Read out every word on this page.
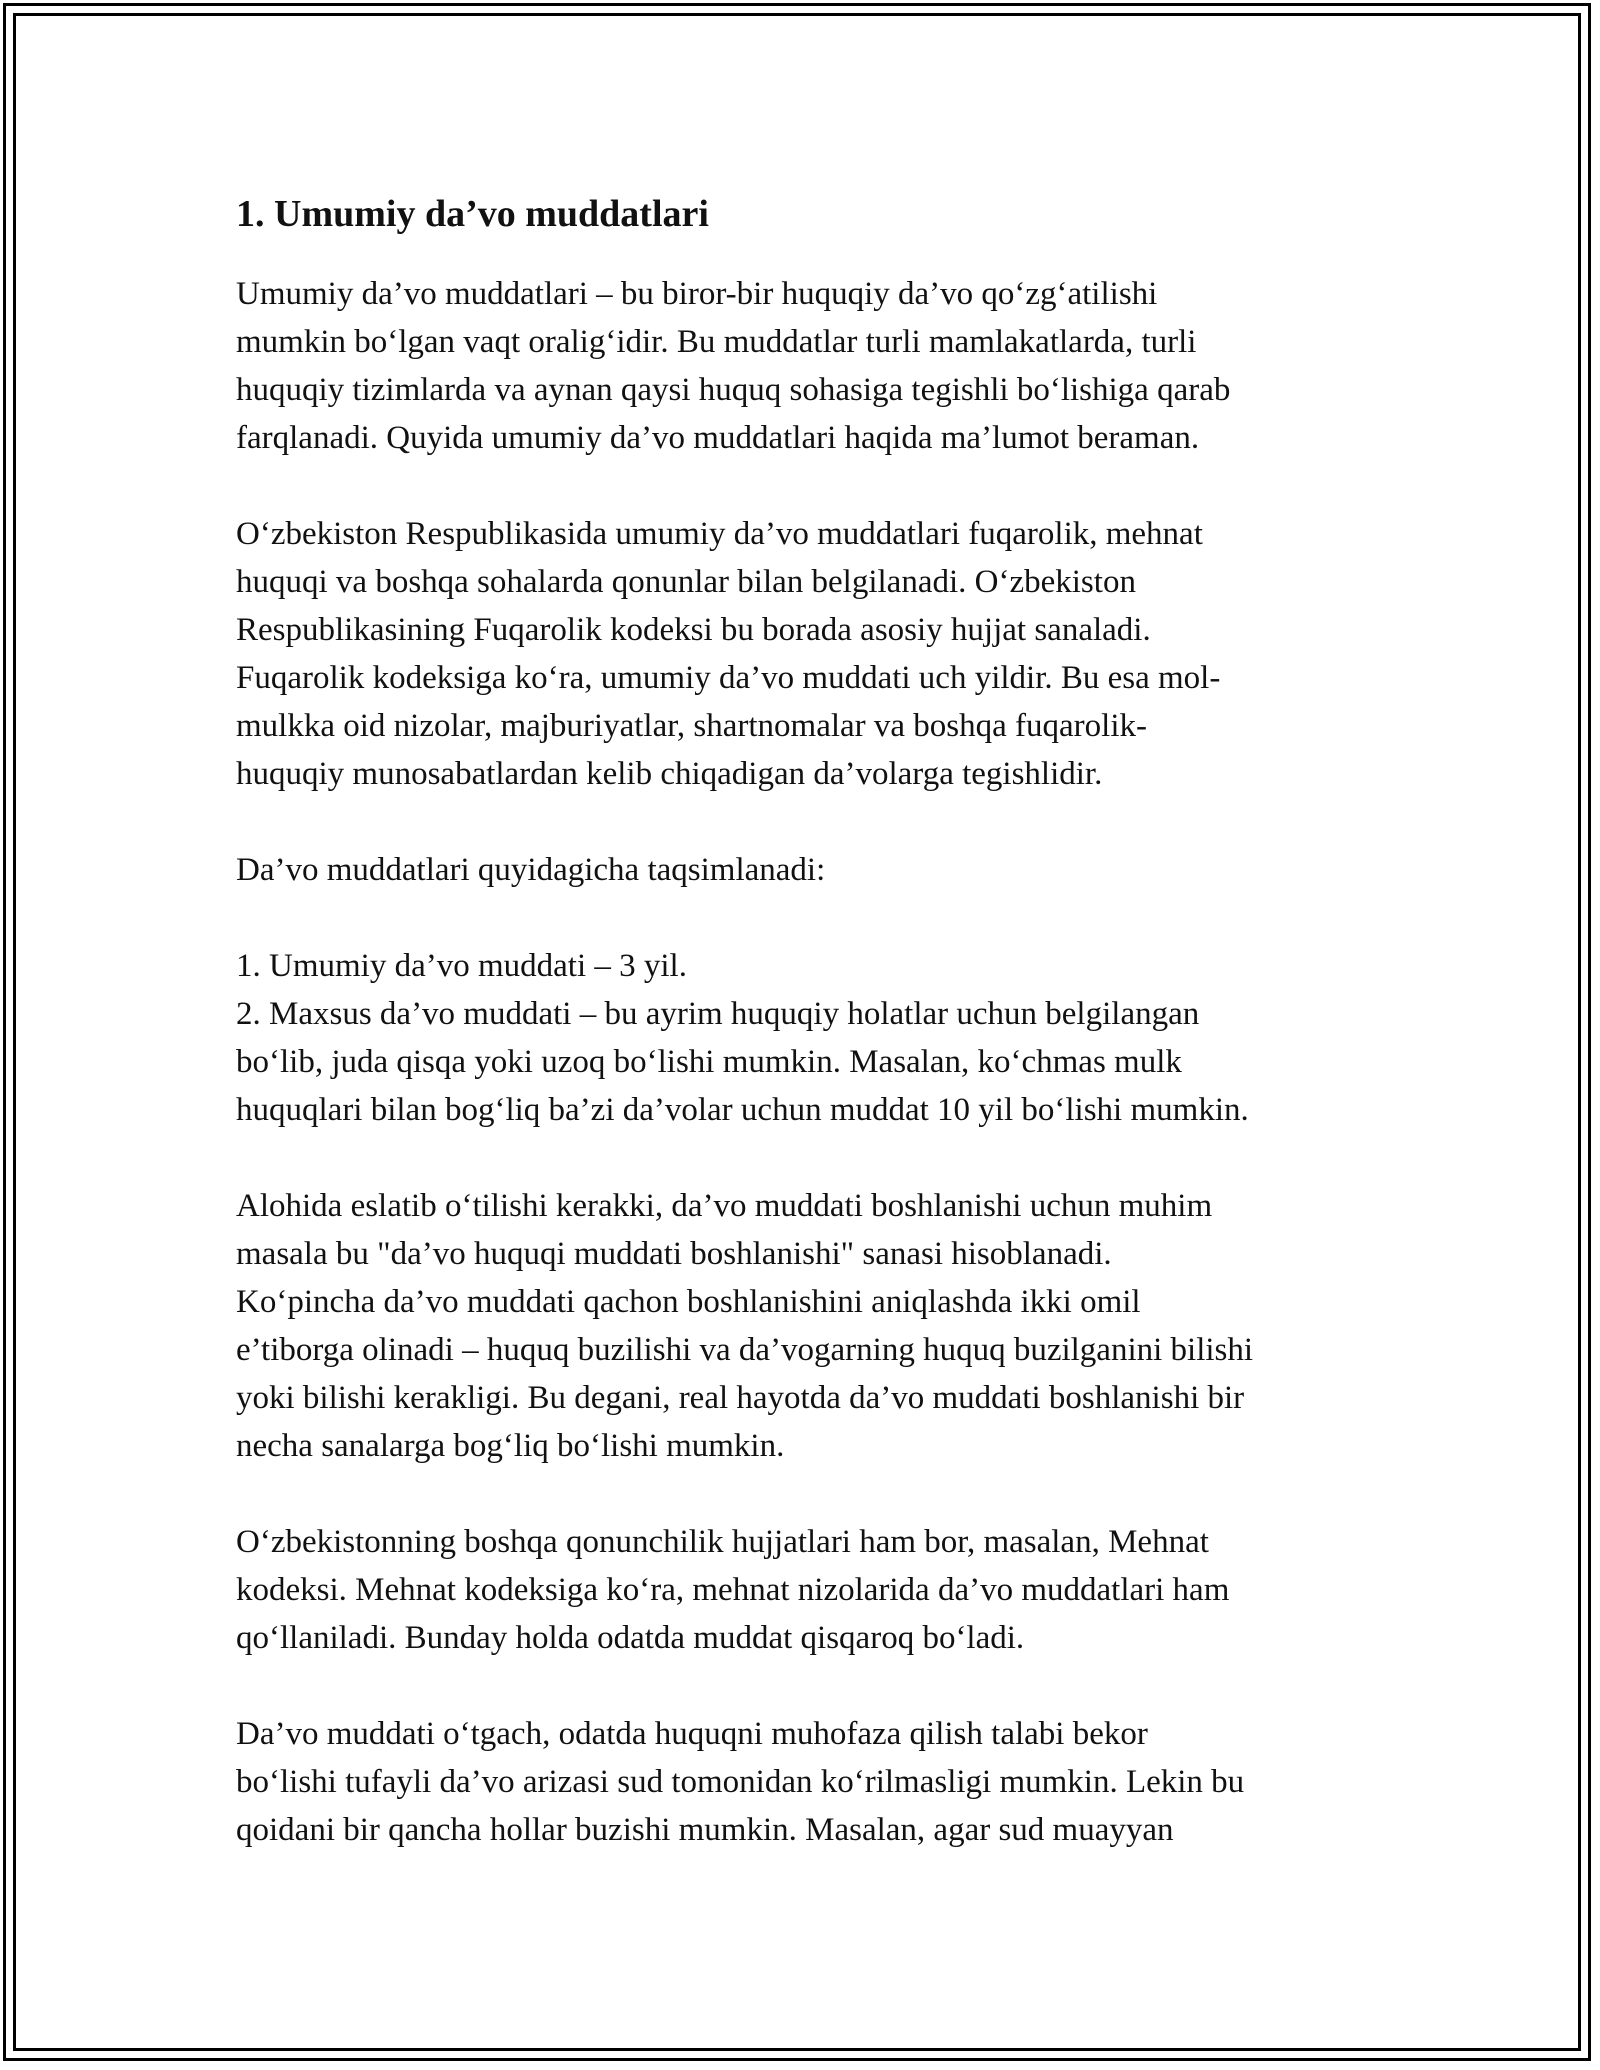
1. Umumiy da’vo muddatlari

Umumiy da’vo muddatlari – bu biror-bir huquqiy da’vo qo‘zg‘atilishi
mumkin bo‘lgan vaqt oralig‘idir. Bu muddatlar turli mamlakatlarda, turli
huquqiy tizimlarda va aynan qaysi huquq sohasiga tegishli bo‘lishiga qarab
farqlanadi. Quyida umumiy da’vo muddatlari haqida ma’lumot beraman.

O‘zbekiston Respublikasida umumiy da’vo muddatlari fuqarolik, mehnat
huquqi va boshqa sohalarda qonunlar bilan belgilanadi. O‘zbekiston
Respublikasining Fuqarolik kodeksi bu borada asosiy hujjat sanaladi.
Fuqarolik kodeksiga ko‘ra, umumiy da’vo muddati uch yildir. Bu esa mol-
mulkka oid nizolar, majburiyatlar, shartnomalar va boshqa fuqarolik-
huquqiy munosabatlardan kelib chiqadigan da’volarga tegishlidir.

Da’vo muddatlari quyidagicha taqsimlanadi:

1. Umumiy da’vo muddati – 3 yil.
2. Maxsus da’vo muddati – bu ayrim huquqiy holatlar uchun belgilangan
bo‘lib, juda qisqa yoki uzoq bo‘lishi mumkin. Masalan, ko‘chmas mulk
huquqlari bilan bog‘liq ba’zi da’volar uchun muddat 10 yil bo‘lishi mumkin.

Alohida eslatib o‘tilishi kerakki, da’vo muddati boshlanishi uchun muhim
masala bu "da’vo huquqi muddati boshlanishi" sanasi hisoblanadi.
Ko‘pincha da’vo muddati qachon boshlanishini aniqlashda ikki omil
e’tiborga olinadi – huquq buzilishi va da’vogarning huquq buzilganini bilishi
yoki bilishi kerakligi. Bu degani, real hayotda da’vo muddati boshlanishi bir
necha sanalarga bog‘liq bo‘lishi mumkin.

O‘zbekistonning boshqa qonunchilik hujjatlari ham bor, masalan, Mehnat
kodeksi. Mehnat kodeksiga ko‘ra, mehnat nizolarida da’vo muddatlari ham
qo‘llaniladi. Bunday holda odatda muddat qisqaroq bo‘ladi.

Da’vo muddati o‘tgach, odatda huquqni muhofaza qilish talabi bekor
bo‘lishi tufayli da’vo arizasi sud tomonidan ko‘rilmasligi mumkin. Lekin bu
qoidani bir qancha hollar buzishi mumkin. Masalan, agar sud muayyan
